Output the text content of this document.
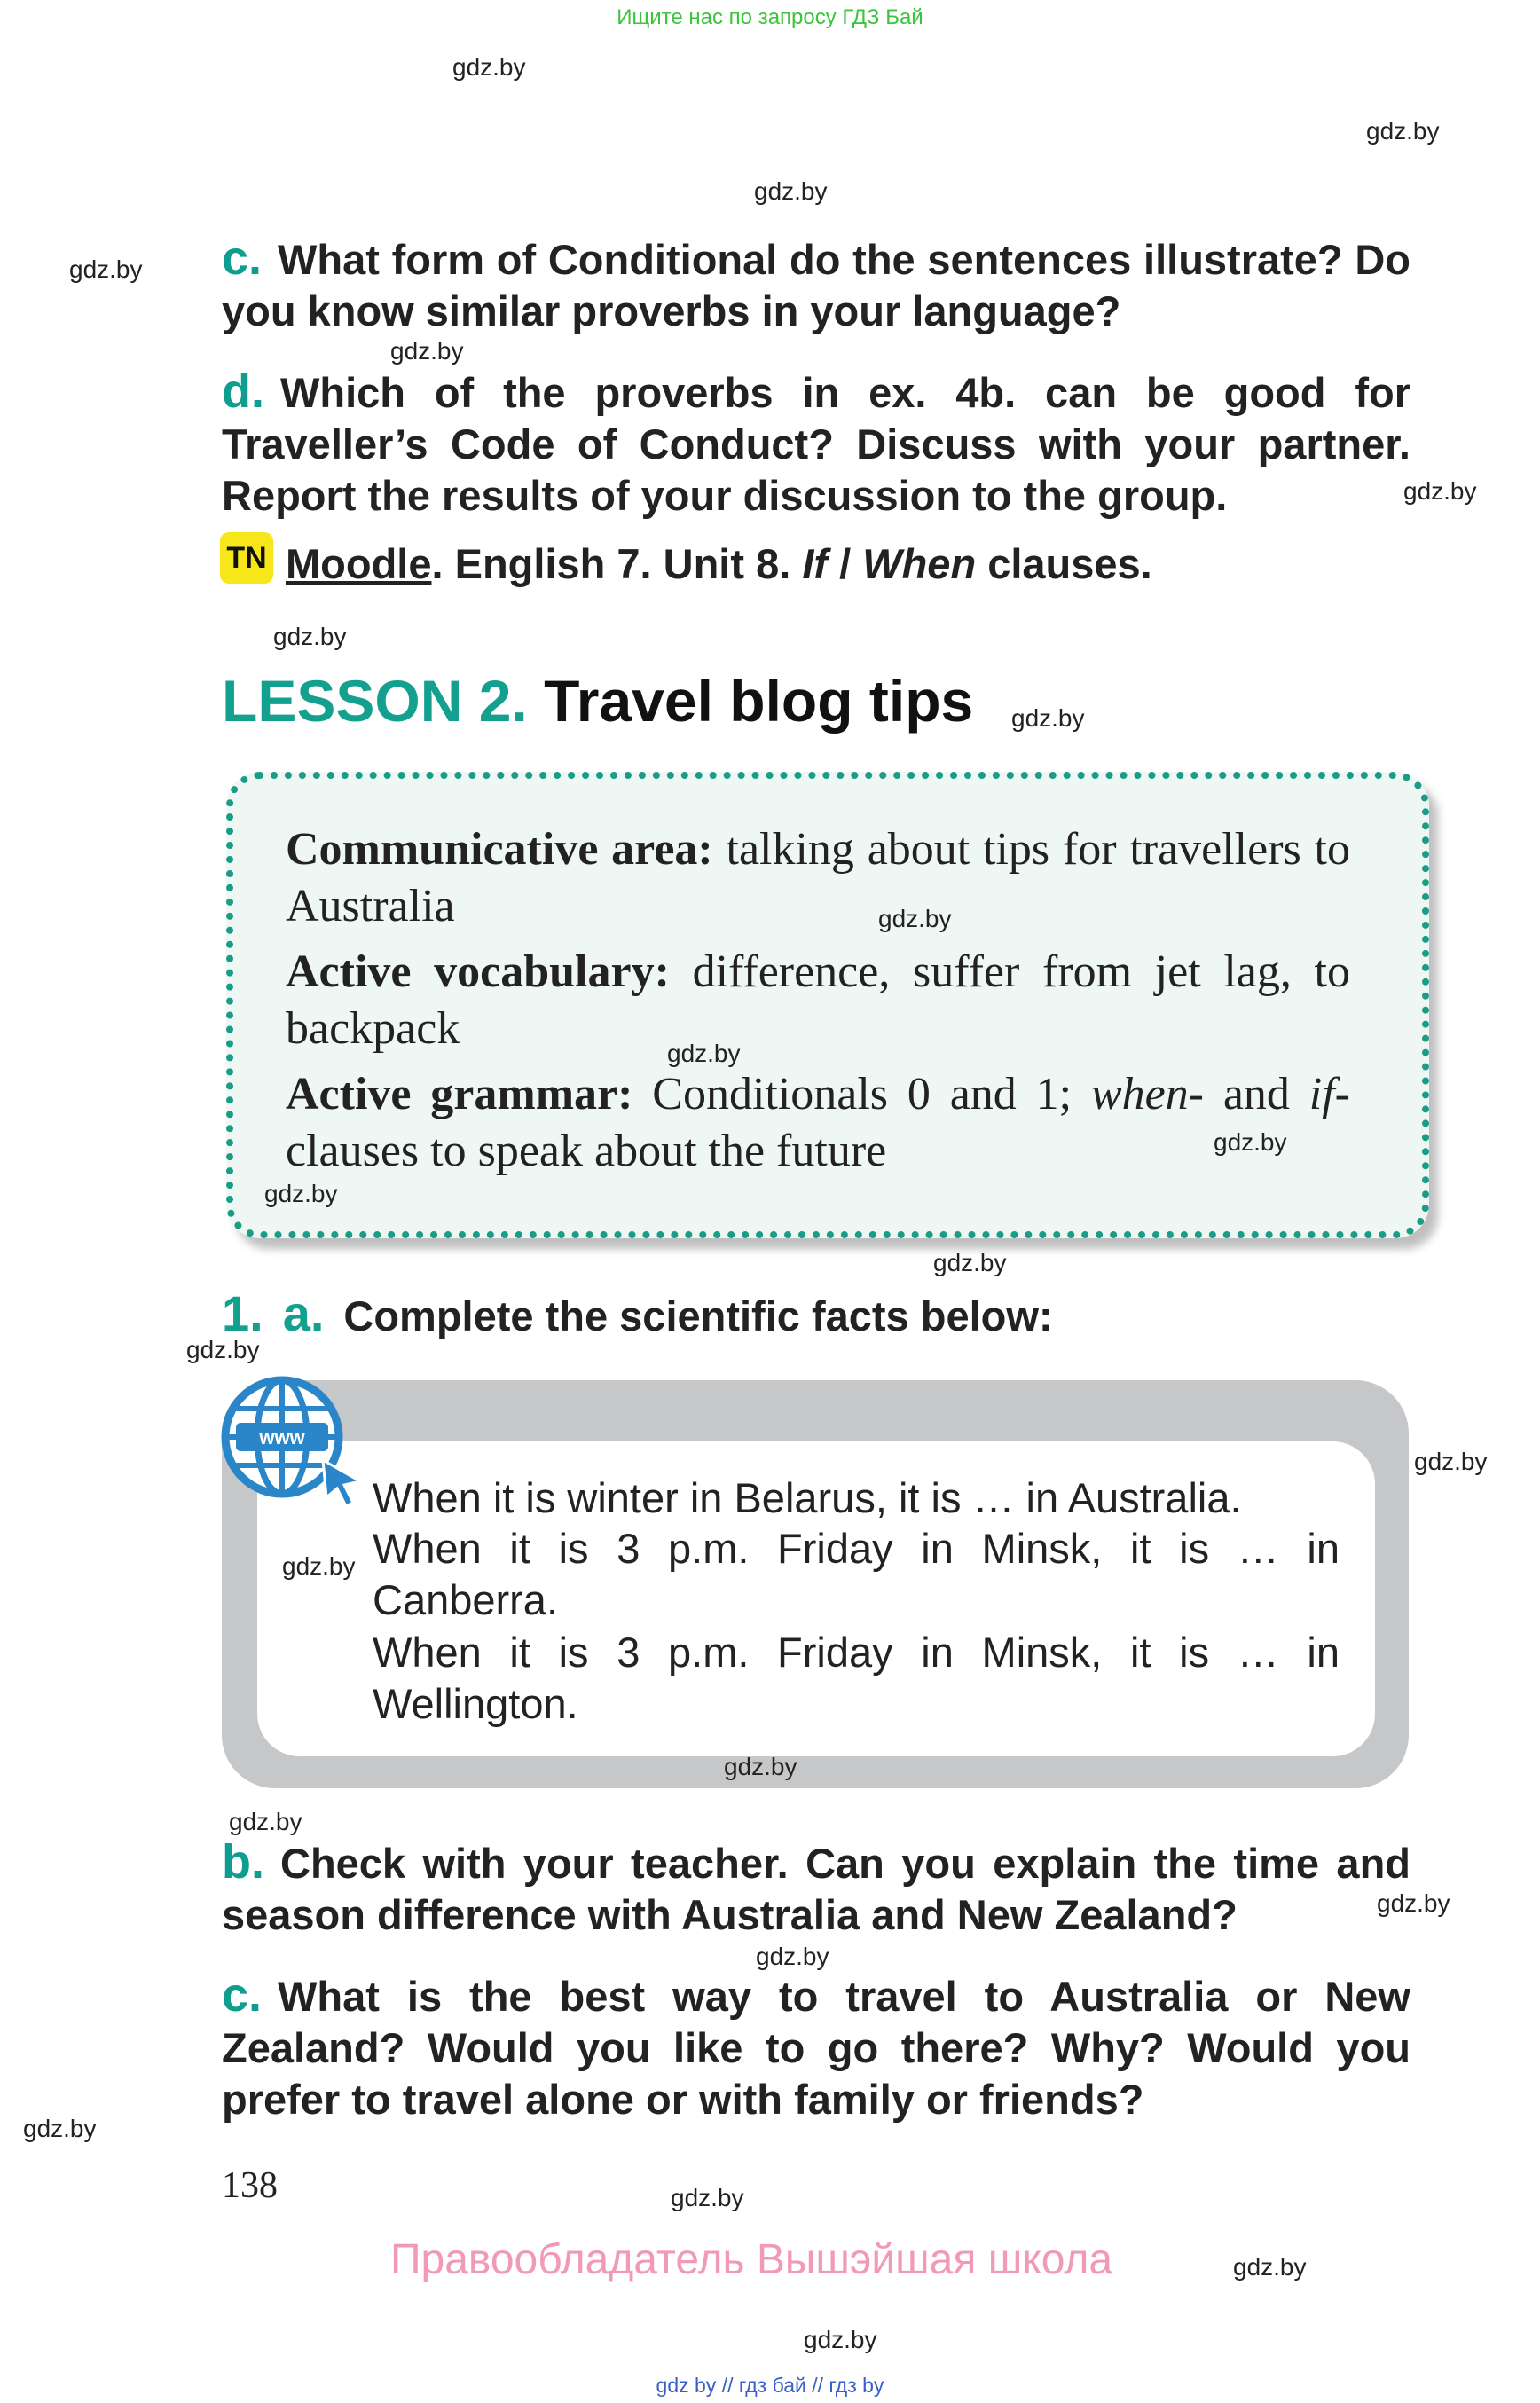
Ищите нас по запросу ГДЗ Бай
gdz.by
gdz.by
gdz.by
gdz.by
gdz.by
gdz.by
gdz.by
gdz.by
gdz.by
gdz.by
gdz.by
gdz.by
gdz.by
gdz.by
gdz.by
gdz.by
gdz.by
gdz.by
gdz.by
gdz.by
gdz.by
gdz.by
gdz.by
gdz.by
c. What form of Conditional do the sentences illustrate? Do you know similar proverbs in your language?
d. Which of the proverbs in ex. 4b. can be good for Traveller’s Code of Conduct? Discuss with your partner. Report the results of your discussion to the group.
TN Moodle. English 7. Unit 8. If / When clauses.
LESSON 2. Travel blog tips
Communicative area: talking about tips for travellers to Australia
Active vocabulary: difference, suffer from jet lag, to backpack
Active grammar: Conditionals 0 and 1; when- and if-clauses to speak about the future
1. a. Complete the scientific facts below:
www
When it is winter in Belarus, it is … in Australia.
When it is 3 p.m. Friday in Minsk, it is … in Canberra.
When it is 3 p.m. Friday in Minsk, it is … in Wellington.
b. Check with your teacher. Can you explain the time and season difference with Australia and New Zealand?
c. What is the best way to travel to Australia or New Zealand? Would you like to go there? Why? Would you prefer to travel alone or with family or friends?
138
Правообладатель Вышэйшая школа
gdz by // гдз бай // гдз by
